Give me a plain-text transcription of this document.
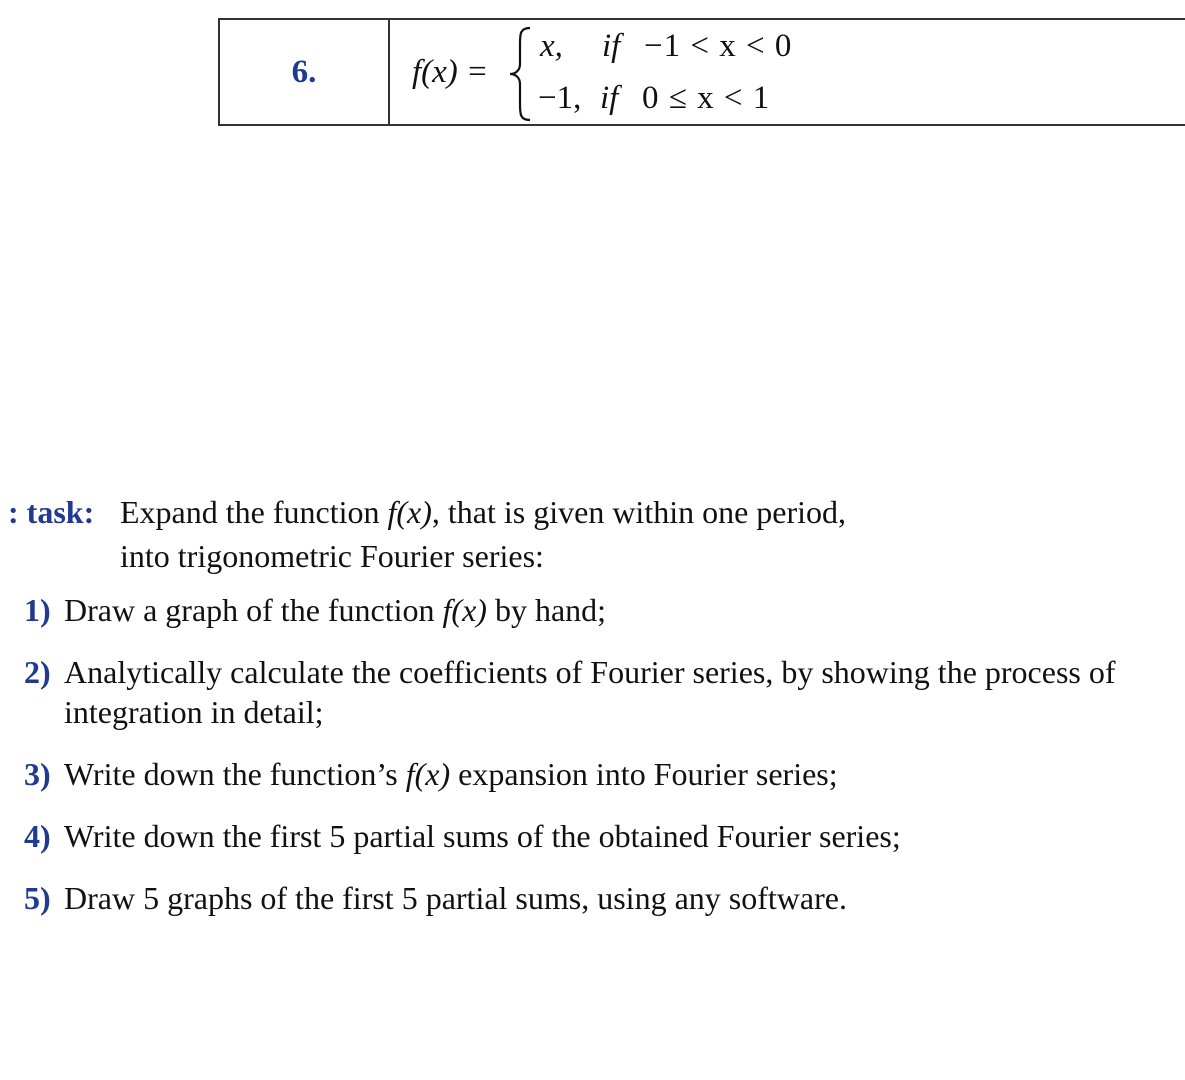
6.	f(x) =
x, if −1 < x < 0
−1, if 0 ≤ x < 1
: task: Expand the function f(x), that is given within one period,
into trigonometric Fourier series:
1) Draw a graph of the function f(x) by hand;
2) Analytically calculate the coefficients of Fourier series, by showing the process of integration in detail;
3) Write down the function’s f(x) expansion into Fourier series;
4) Write down the first 5 partial sums of the obtained Fourier series;
5) Draw 5 graphs of the first 5 partial sums, using any software.
